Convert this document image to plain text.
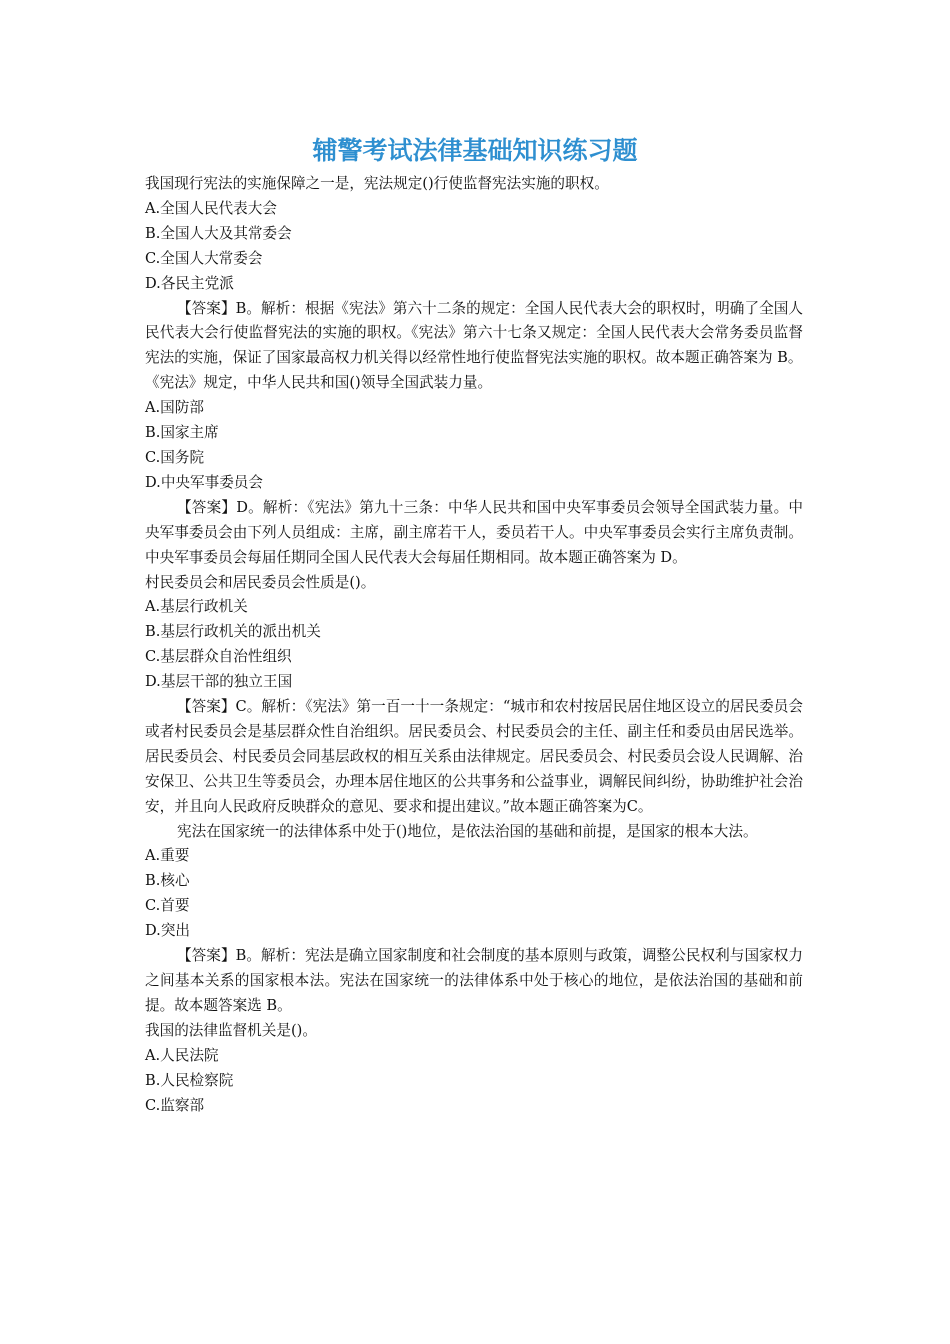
辅警考试法律基础知识练习题

我国现行宪法的实施保障之一是，宪法规定()行使监督宪法实施的职权。

A.全国人民代表大会

B.全国人大及其常委会

C.全国人大常委会

D.各民主党派

【答案】B。解析：根据《宪法》第六十二条的规定：全国人民代表大会的职权时，明确了全国人民代表大会行使监督宪法的实施的职权。《宪法》第六十七条又规定：全国人民代表大会常务委员监督宪法的实施，保证了国家最高权力机关得以经常性地行使监督宪法实施的职权。故本题正确答案为 B。

《宪法》规定，中华人民共和国()领导全国武装力量。

A.国防部

B.国家主席

C.国务院

D.中央军事委员会

【答案】D。解析：《宪法》第九十三条：中华人民共和国中央军事委员会领导全国武装力量。中央军事委员会由下列人员组成：主席，副主席若干人，委员若干人。中央军事委员会实行主席负责制。中央军事委员会每届任期同全国人民代表大会每届任期相同。故本题正确答案为 D。

村民委员会和居民委员会性质是()。

A.基层行政机关

B.基层行政机关的派出机关

C.基层群众自治性组织

D.基层干部的独立王国

【答案】C。解析：《宪法》第一百一十一条规定：“城市和农村按居民居住地区设立的居民委员会或者村民委员会是基层群众性自治组织。居民委员会、村民委员会的主任、副主任和委员由居民选举。居民委员会、村民委员会同基层政权的相互关系由法律规定。居民委员会、村民委员会设人民调解、治安保卫、公共卫生等委员会，办理本居住地区的公共事务和公益事业，调解民间纠纷，协助维护社会治安，并且向人民政府反映群众的意见、要求和提出建议。”故本题正确答案为C。

宪法在国家统一的法律体系中处于()地位，是依法治国的基础和前提，是国家的根本大法。

A.重要

B.核心

C.首要

D.突出

【答案】B。解析：宪法是确立国家制度和社会制度的基本原则与政策，调整公民权利与国家权力之间基本关系的国家根本法。宪法在国家统一的法律体系中处于核心的地位，是依法治国的基础和前提。故本题答案选 B。

我国的法律监督机关是()。

A.人民法院

B.人民检察院

C.监察部
